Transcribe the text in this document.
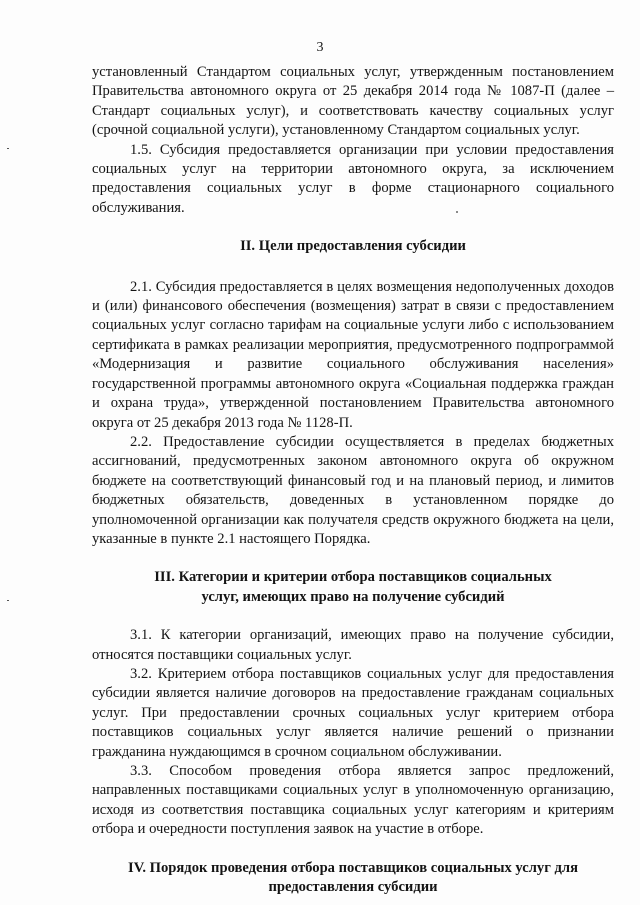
3

установленный Стандартом социальных услуг, утвержденным постановлением Правительства автономного округа от 25 декабря 2014 года № 1087-П (далее – Стандарт социальных услуг), и соответствовать качеству социальных услуг (срочной социальной услуги), установленному Стандартом социальных услуг.

1.5. Субсидия предоставляется организации при условии предоставления социальных услуг на территории автономного округа, за исключением предоставления социальных услуг в форме стационарного социального обслуживания.

II. Цели предоставления субсидии

2.1. Субсидия предоставляется в целях возмещения недополученных доходов и (или) финансового обеспечения (возмещения) затрат в связи с предоставлением социальных услуг согласно тарифам на социальные услуги либо с использованием сертификата в рамках реализации мероприятия, предусмотренного подпрограммой «Модернизация и развитие социального обслуживания населения» государственной программы автономного округа «Социальная поддержка граждан и охрана труда», утвержденной постановлением Правительства автономного округа от 25 декабря 2013 года № 1128-П.

2.2. Предоставление субсидии осуществляется в пределах бюджетных ассигнований, предусмотренных законом автономного округа об окружном бюджете на соответствующий финансовый год и на плановый период, и лимитов бюджетных обязательств, доведенных в установленном порядке до уполномоченной организации как получателя средств окружного бюджета на цели, указанные в пункте 2.1 настоящего Порядка.

III. Категории и критерии отбора поставщиков социальных
услуг, имеющих право на получение субсидий

3.1. К категории организаций, имеющих право на получение субсидии, относятся поставщики социальных услуг.

3.2. Критерием отбора поставщиков социальных услуг для предоставления субсидии является наличие договоров на предоставление гражданам социальных услуг. При предоставлении срочных социальных услуг критерием отбора поставщиков социальных услуг является наличие решений о признании гражданина нуждающимся в срочном социальном обслуживании.

3.3. Способом проведения отбора является запрос предложений, направленных поставщиками социальных услуг в уполномоченную организацию, исходя из соответствия поставщика социальных услуг категориям и критериям отбора и очередности поступления заявок на участие в отборе.

IV. Порядок проведения отбора поставщиков социальных услуг для
предоставления субсидии
